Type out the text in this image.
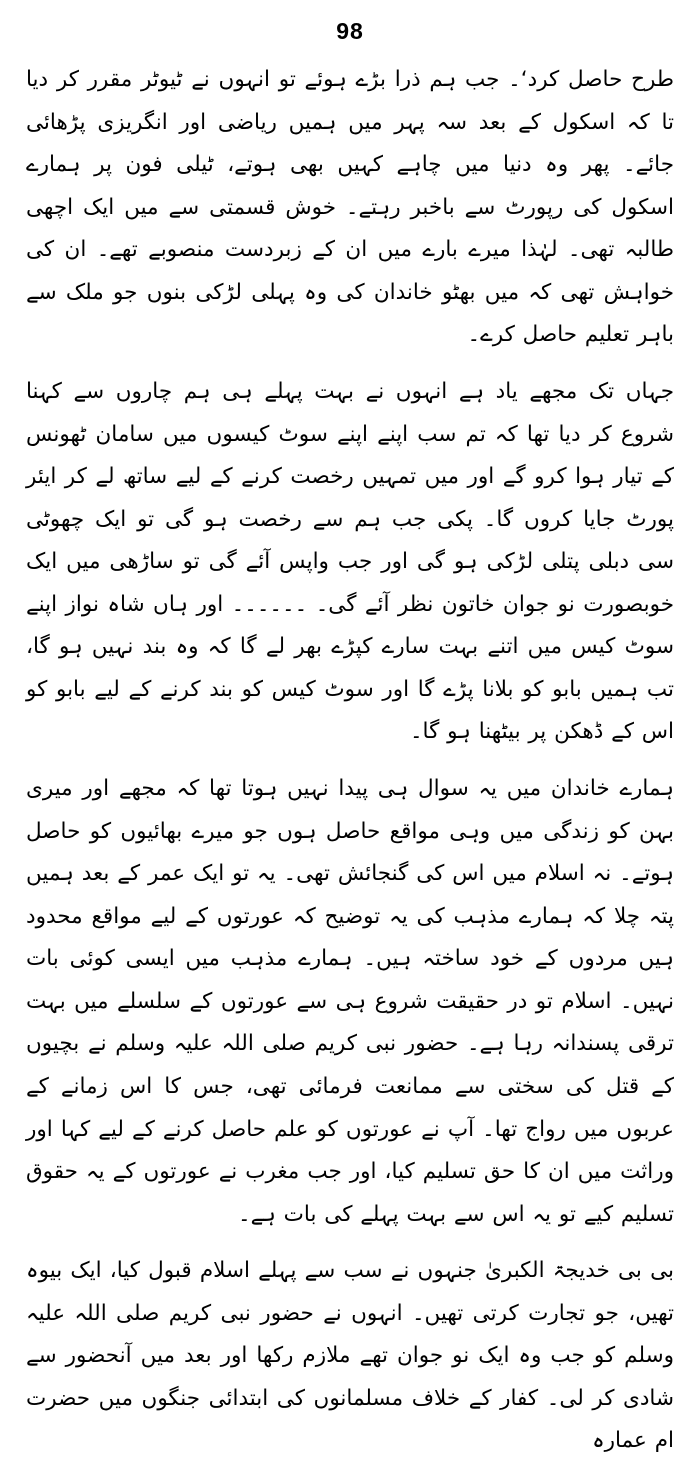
98

طرح حاصل کرد‘۔ جب ہم ذرا بڑے ہوئے تو انہوں نے ٹیوٹر مقرر کر دیا تا کہ اسکول کے بعد سہ پہر میں ہمیں ریاضی اور انگریزی پڑھائی جائے۔ پھر وہ دنیا میں چاہے کہیں بھی ہوتے، ٹیلی فون پر ہمارے اسکول کی رپورٹ سے باخبر رہتے۔ خوش قسمتی سے میں ایک اچھی طالبہ تھی۔ لہٰذا میرے بارے میں ان کے زبردست منصوبے تھے۔ ان کی خواہش تھی کہ میں بھٹو خاندان کی وہ پہلی لڑکی بنوں جو ملک سے باہر تعلیم حاصل کرے۔

جہاں تک مجھے یاد ہے انہوں نے بہت پہلے ہی ہم چاروں سے کہنا شروع کر دیا تھا کہ تم سب اپنے اپنے سوٹ کیسوں میں سامان ٹھونس کے تیار ہوا کرو گے اور میں تمہیں رخصت کرنے کے لیے ساتھ لے کر ایئر پورٹ جایا کروں گا۔ پکی جب ہم سے رخصت ہو گی تو ایک چھوٹی سی دبلی پتلی لڑکی ہو گی اور جب واپس آئے گی تو ساڑھی میں ایک خوبصورت نو جوان خاتون نظر آئے گی۔ ۔۔۔۔۔۔ اور ہاں شاہ نواز اپنے سوٹ کیس میں اتنے بہت سارے کپڑے بھر لے گا کہ وہ بند نہیں ہو گا، تب ہمیں بابو کو بلانا پڑے گا اور سوٹ کیس کو بند کرنے کے لیے بابو کو اس کے ڈھکن پر بیٹھنا ہو گا۔

ہمارے خاندان میں یہ سوال ہی پیدا نہیں ہوتا تھا کہ مجھے اور میری بہن کو زندگی میں وہی مواقع حاصل ہوں جو میرے بھائیوں کو حاصل ہوتے۔ نہ اسلام میں اس کی گنجائش تھی۔ یہ تو ایک عمر کے بعد ہمیں پتہ چلا کہ ہمارے مذہب کی یہ توضیح کہ عورتوں کے لیے مواقع محدود ہیں مردوں کے خود ساختہ ہیں۔ ہمارے مذہب میں ایسی کوئی بات نہیں۔ اسلام تو در حقیقت شروع ہی سے عورتوں کے سلسلے میں بہت ترقی پسندانہ رہا ہے۔ حضور نبی کریم صلی اللہ علیہ وسلم نے بچیوں کے قتل کی سختی سے ممانعت فرمائی تھی، جس کا اس زمانے کے عربوں میں رواج تھا۔ آپ نے عورتوں کو علم حاصل کرنے کے لیے کہا اور وراثت میں ان کا حق تسلیم کیا، اور جب مغرب نے عورتوں کے یہ حقوق تسلیم کیے تو یہ اس سے بہت پہلے کی بات ہے۔

بی بی خدیجۃ الکبریٰ جنہوں نے سب سے پہلے اسلام قبول کیا، ایک بیوہ تھیں، جو تجارت کرتی تھیں۔ انہوں نے حضور نبی کریم صلی اللہ علیہ وسلم کو جب وہ ایک نو جوان تھے ملازم رکھا اور بعد میں آنحضور سے شادی کر لی۔ کفار کے خلاف مسلمانوں کی ابتدائی جنگوں میں حضرت ام عمارہ
